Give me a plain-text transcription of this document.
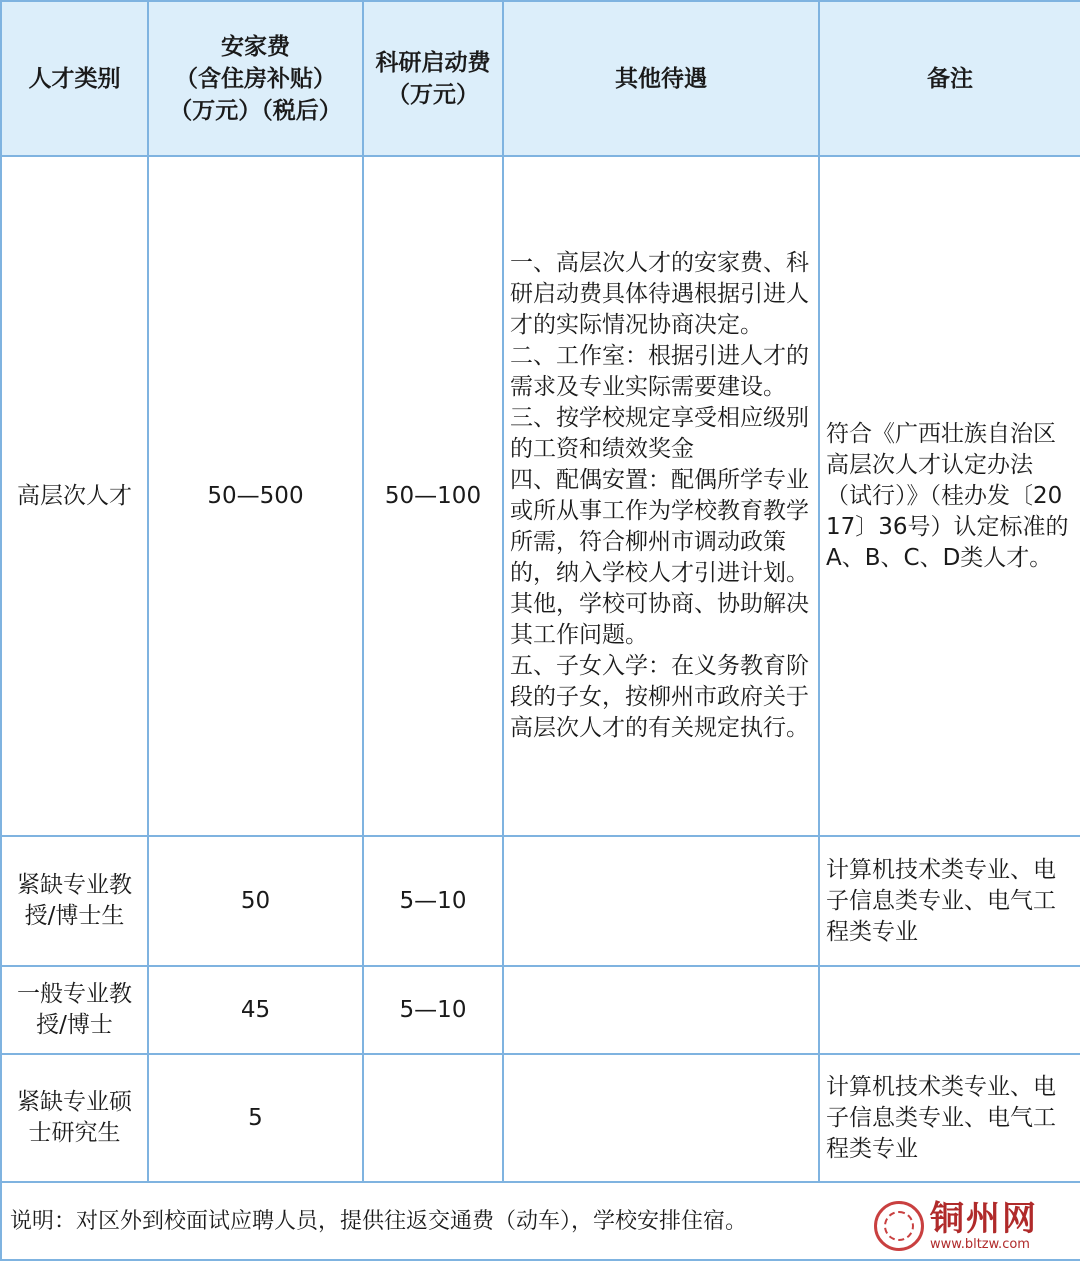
人才类别	安家费
（含住房补贴）
（万元）（税后）	科研启动费
（万元）	其他待遇	备注
高层次人才	50—500	50—100	一、高层次人才的安家费、科研启动费具体待遇根据引进人才的实际情况协商决定。

二、工作室：根据引进人才的需求及专业实际需要建设。

三、按学校规定享受相应级别的工资和绩效奖金

四、配偶安置：配偶所学专业或所从事工作为学校教育教学所需，符合柳州市调动政策的，纳入学校人才引进计划。其他，学校可协商、协助解决其工作问题。

五、子女入学：在义务教育阶段的子女，按柳州市政府关于高层次人才的有关规定执行。	符合《广西壮族自治区高层次人才认定办法（试行）》（桂办发〔2017〕36号）认定标准的A、B、C、D类人才。
紧缺专业教授/博士生	50	5—10		计算机技术类专业、电子信息类专业、电气工程类专业
一般专业教授/博士	45	5—10		
紧缺专业硕士研究生	5			计算机技术类专业、电子信息类专业、电气工程类专业
说明：对区外到校面试应聘人员，提供往返交通费（动车），学校安排住宿。					铜州网
www.bltzw.com
